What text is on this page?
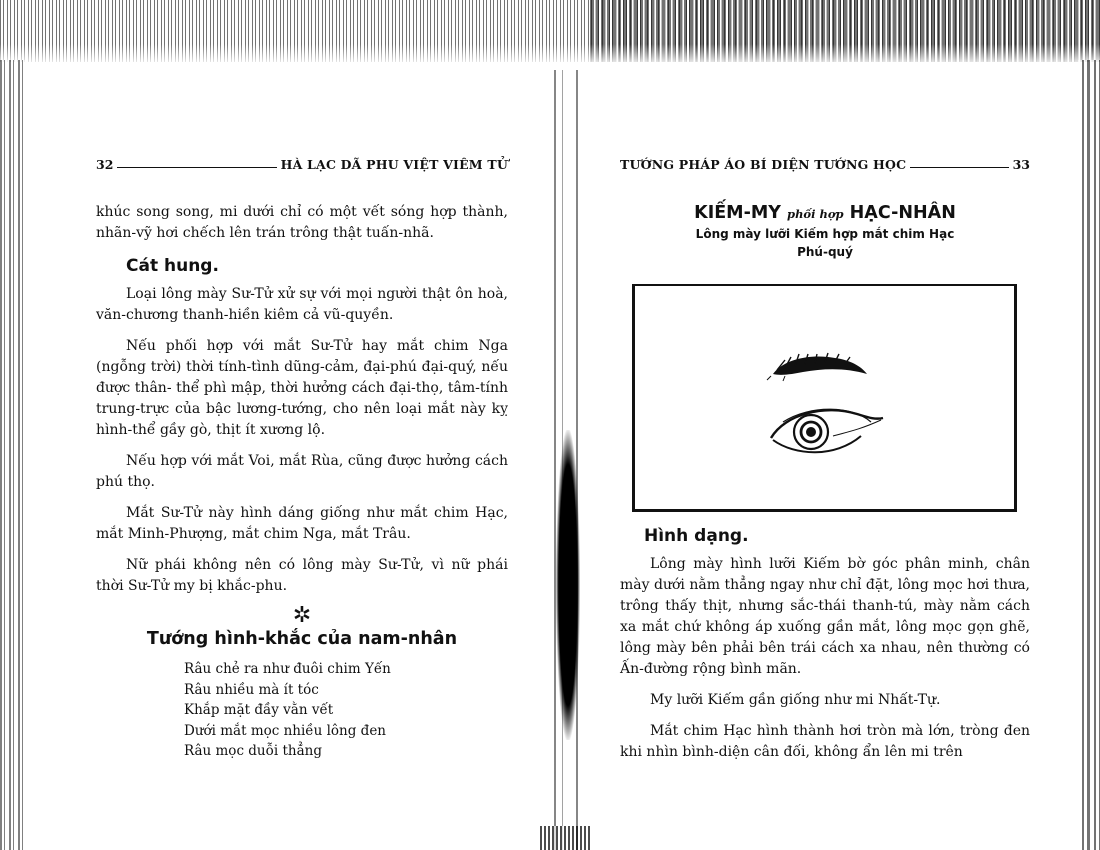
32	HÀ LẠC DÃ PHU VIỆT VIÊM TỬ

khúc song song, mi dưới chỉ có một vết sóng hợp thành, nhãn-vỹ hơi chếch lên trán trông thật tuấn-nhã.

Cát hung.

Loại lông mày Sư-Tử xử sự với mọi người thật ôn hoà, văn-chương thanh-hiền kiêm cả vũ-quyền.

Nếu phối hợp với mắt Sư-Tử hay mắt chim Nga (ngỗng trời) thời tính-tình dũng-cảm, đại-phú đại-quý, nếu được thân- thể phì mập, thời hưởng cách đại-thọ, tâm-tính trung-trực của bậc lương-tướng, cho nên loại mắt này kỵ hình-thể gầy gò, thịt ít xương lộ.

Nếu hợp với mắt Voi, mắt Rùa, cũng được hưởng cách phú thọ.

Mắt Sư-Tử này hình dáng giống như mắt chim Hạc, mắt Minh-Phượng, mắt chim Nga, mắt Trâu.

Nữ phái không nên có lông mày Sư-Tử, vì nữ phái thời Sư-Tử my bị khắc-phu.

✲
Tướng hình-khắc của nam-nhân
Râu chẻ ra như đuôi chim Yến
Râu nhiều mà ít tóc
Khắp mặt đầy vằn vết
Dưới mắt mọc nhiều lông đen
Râu mọc duỗi thẳng
TƯỚNG PHÁP ÁO BÍ DIỆN TƯỚNG HỌC	33
KIẾM-MY phối hợp HẠC-NHÂN
Lông mày lưỡi Kiếm hợp mắt chim Hạc
Phú-quý
Hình dạng.

Lông mày hình lưỡi Kiếm bờ góc phân minh, chân mày dưới nằm thẳng ngay như chỉ đặt, lông mọc hơi thưa, trông thấy thịt, nhưng sắc-thái thanh-tú, mày nằm cách xa mắt chứ không áp xuống gần mắt, lông mọc gọn ghẽ, lông mày bên phải bên trái cách xa nhau, nên thường có Ấn-đường rộng bình mãn.

My lưỡi Kiếm gần giống như mi Nhất-Tự.

Mắt chim Hạc hình thành hơi tròn mà lớn, tròng đen khi nhìn bình-diện cân đối, không ẩn lên mi trên
